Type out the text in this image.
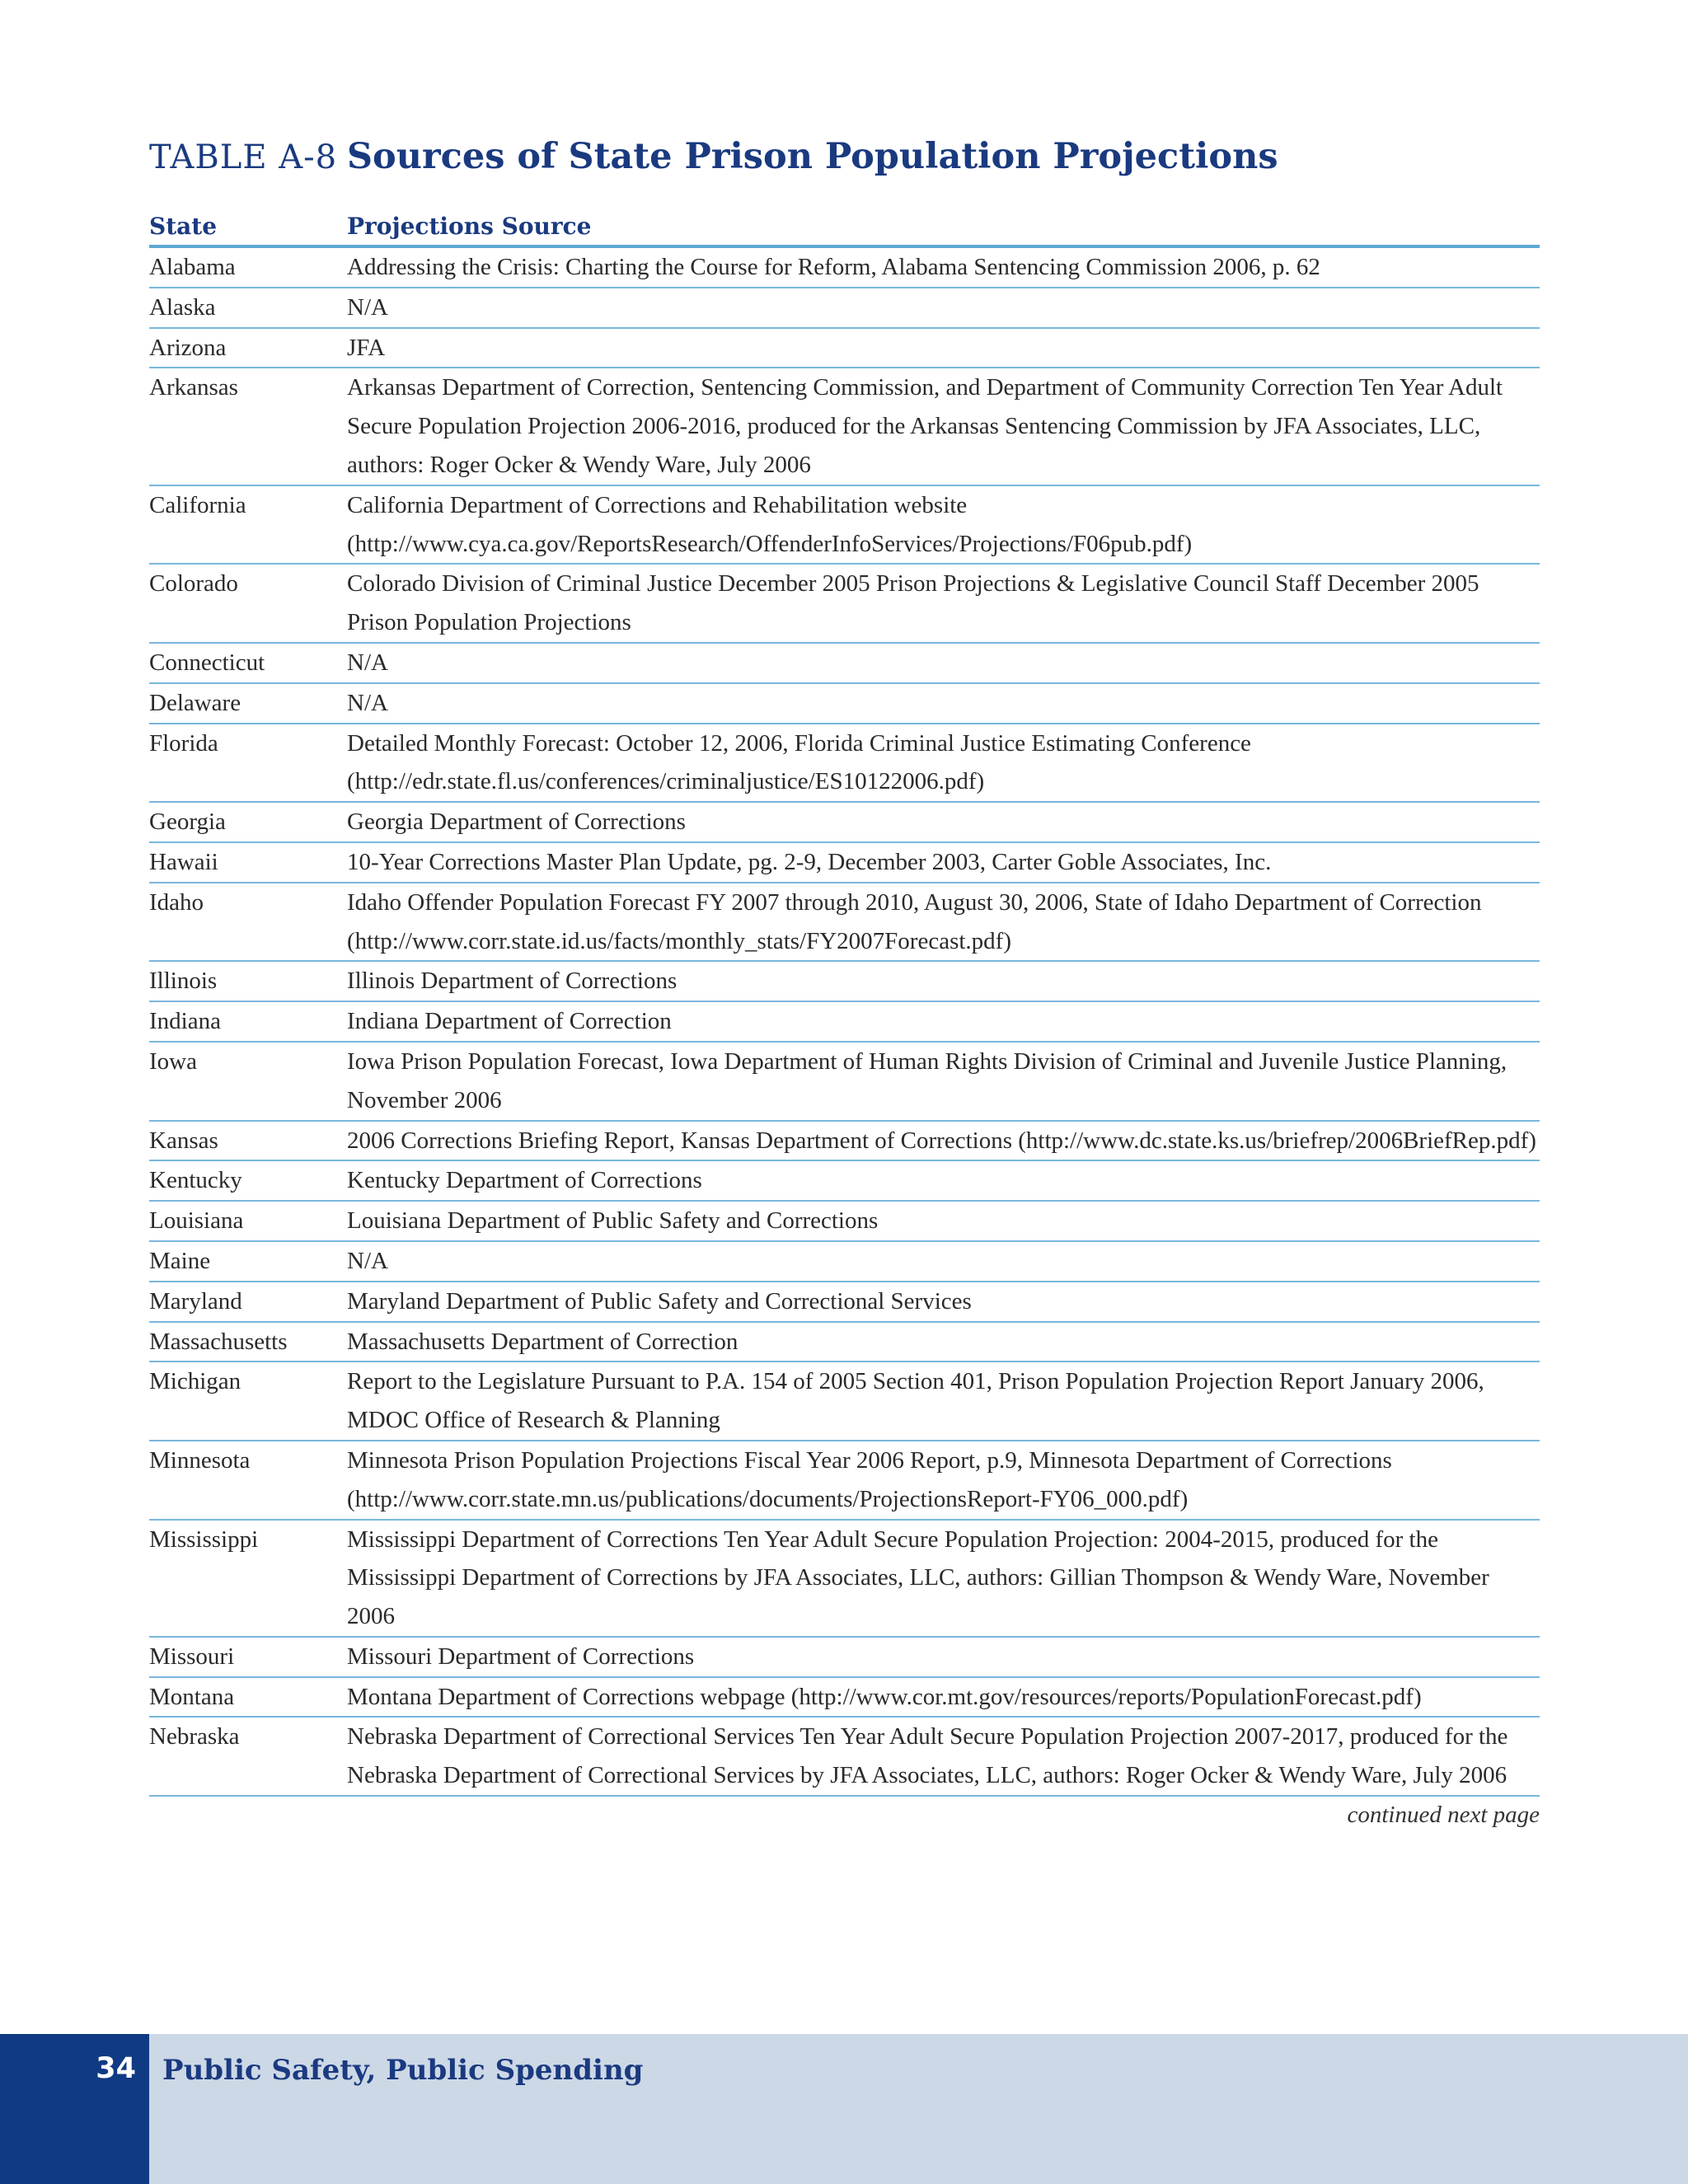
TABLE A-8 Sources of State Prison Population Projections
State	Projections Source
Alabama	Addressing the Crisis: Charting the Course for Reform, Alabama Sentencing Commission 2006, p. 62
Alaska	N/A
Arizona	JFA
Arkansas	Arkansas Department of Correction, Sentencing Commission, and Department of Community Correction Ten Year Adult Secure Population Projection 2006-2016, produced for the Arkansas Sentencing Commission by JFA Associates, LLC, authors: Roger Ocker & Wendy Ware, July 2006
California	California Department of Corrections and Rehabilitation website (http://www.cya.ca.gov/ReportsResearch/OffenderInfoServices/Projections/F06pub.pdf)
Colorado	Colorado Division of Criminal Justice December 2005 Prison Projections & Legislative Council Staff December 2005 Prison Population Projections
Connecticut	N/A
Delaware	N/A
Florida	Detailed Monthly Forecast: October 12, 2006, Florida Criminal Justice Estimating Conference (http://edr.state.fl.us/conferences/criminaljustice/ES10122006.pdf)
Georgia	Georgia Department of Corrections
Hawaii	10-Year Corrections Master Plan Update, pg. 2-9, December 2003, Carter Goble Associates, Inc.
Idaho	Idaho Offender Population Forecast FY 2007 through 2010, August 30, 2006, State of Idaho Department of Correction (http://www.corr.state.id.us/facts/monthly_stats/FY2007Forecast.pdf)
Illinois	Illinois Department of Corrections
Indiana	Indiana Department of Correction
Iowa	Iowa Prison Population Forecast, Iowa Department of Human Rights Division of Criminal and Juvenile Justice Planning, November 2006
Kansas	2006 Corrections Briefing Report, Kansas Department of Corrections (http://www.dc.state.ks.us/briefrep/2006BriefRep.pdf)
Kentucky	Kentucky Department of Corrections
Louisiana	Louisiana Department of Public Safety and Corrections
Maine	N/A
Maryland	Maryland Department of Public Safety and Correctional Services
Massachusetts	Massachusetts Department of Correction
Michigan	Report to the Legislature Pursuant to P.A. 154 of 2005 Section 401, Prison Population Projection Report January 2006, MDOC Office of Research & Planning
Minnesota	Minnesota Prison Population Projections Fiscal Year 2006 Report, p.9, Minnesota Department of Corrections (http://www.corr.state.mn.us/publications/documents/ProjectionsReport-FY06_000.pdf)
Mississippi	Mississippi Department of Corrections Ten Year Adult Secure Population Projection: 2004-2015, produced for the Mississippi Department of Corrections by JFA Associates, LLC, authors: Gillian Thompson & Wendy Ware, November 2006
Missouri	Missouri Department of Corrections
Montana	Montana Department of Corrections webpage (http://www.cor.mt.gov/resources/reports/PopulationForecast.pdf)
Nebraska	Nebraska Department of Correctional Services Ten Year Adult Secure Population Projection 2007-2017, produced for the Nebraska Department of Correctional Services by JFA Associates, LLC, authors: Roger Ocker & Wendy Ware, July 2006
continued next page
34 Public Safety, Public Spending
